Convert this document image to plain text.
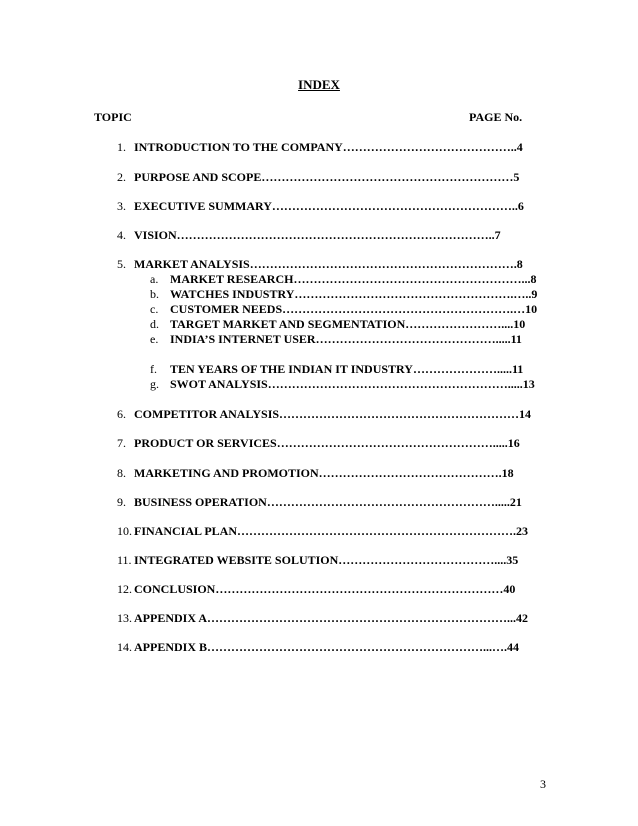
INDEX
TOPIC	PAGE No.
1. INTRODUCTION TO THE COMPANY……………………………………..4
2. PURPOSE AND SCOPE………………………………………………………5
3. EXECUTIVE SUMMARY……………………………………………………..6
4. VISION……………………………………………………………………..7
5. MARKET ANALYSIS………………………………………………………….8
a. MARKET RESEARCH…………………………………………………...8
b. WATCHES INDUSTRY……………………………………………….…..9
c. CUSTOMER NEEDS………………………………………………….…10
d. TARGET MARKET AND SEGMENTATION……………………....10
e. INDIA’S INTERNET USER……………………………………….....11
f. TEN YEARS OF THE INDIAN IT INDUSTRY………………….....11
g. SWOT ANALYSIS…………………………………………………….....13
6. COMPETITOR ANALYSIS……………………………………………………14
7. PRODUCT OR SERVICES……………………………………………….....16
8. MARKETING AND PROMOTION……………………………………….18
9. BUSINESS OPERATION………………………………………………….....21
10. FINANCIAL PLAN…………………………………………………………….23
11. INTEGRATED WEBSITE SOLUTION…………………………………....35
12. CONCLUSION………………………………………………………………40
13. APPENDIX A…………………………………………………………………...42
14. APPENDIX B……………………………………………………………...….44
3
